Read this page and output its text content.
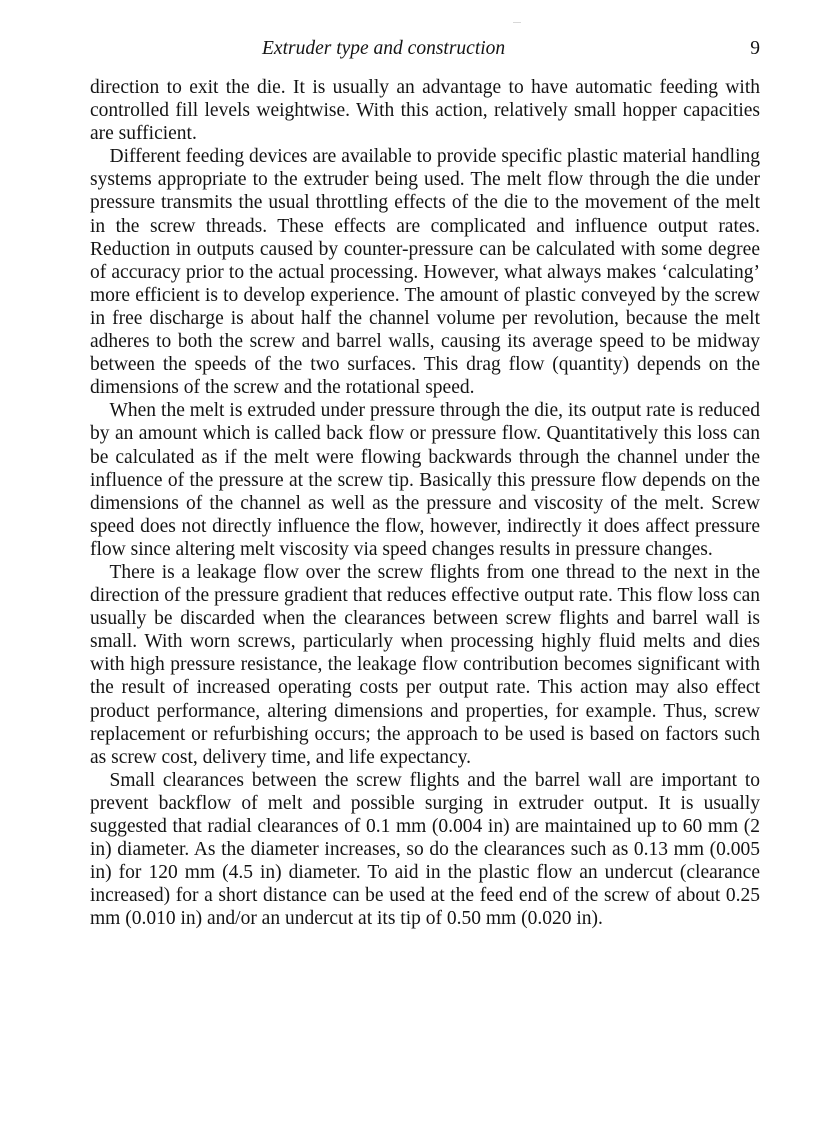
Extruder type and construction	9

direction to exit the die. It is usually an advantage to have automatic feeding with controlled fill levels weightwise. With this action, relatively small hopper capacities are sufficient.

Different feeding devices are available to provide specific plastic material handling systems appropriate to the extruder being used. The melt flow through the die under pressure transmits the usual throttling effects of the die to the movement of the melt in the screw threads. These effects are complicated and influence output rates. Reduction in outputs caused by counter-pressure can be calculated with some degree of accuracy prior to the actual processing. However, what always makes ‘calculating’ more efficient is to develop experience. The amount of plastic conveyed by the screw in free discharge is about half the channel volume per revolution, because the melt adheres to both the screw and barrel walls, causing its average speed to be midway between the speeds of the two surfaces. This drag flow (quantity) depends on the dimensions of the screw and the rotational speed.

When the melt is extruded under pressure through the die, its output rate is reduced by an amount which is called back flow or pressure flow. Quantitatively this loss can be calculated as if the melt were flowing backwards through the channel under the influence of the pressure at the screw tip. Basically this pressure flow depends on the dimensions of the channel as well as the pressure and viscosity of the melt. Screw speed does not directly influence the flow, however, indirectly it does affect pressure flow since altering melt viscosity via speed changes results in pressure changes.

There is a leakage flow over the screw flights from one thread to the next in the direction of the pressure gradient that reduces effective output rate. This flow loss can usually be discarded when the clearances between screw flights and barrel wall is small. With worn screws, particularly when processing highly fluid melts and dies with high pressure resistance, the leakage flow contribution becomes significant with the result of increased operating costs per output rate. This action may also effect product performance, altering dimensions and properties, for example. Thus, screw replacement or refurbishing occurs; the approach to be used is based on factors such as screw cost, delivery time, and life expectancy.

Small clearances between the screw flights and the barrel wall are important to prevent backflow of melt and possible surging in extruder output. It is usually suggested that radial clearances of 0.1 mm (0.004 in) are maintained up to 60 mm (2 in) diameter. As the diameter increases, so do the clearances such as 0.13 mm (0.005 in) for 120 mm (4.5 in) diameter. To aid in the plastic flow an undercut (clearance increased) for a short distance can be used at the feed end of the screw of about 0.25 mm (0.010 in) and/or an undercut at its tip of 0.50 mm (0.020 in).
